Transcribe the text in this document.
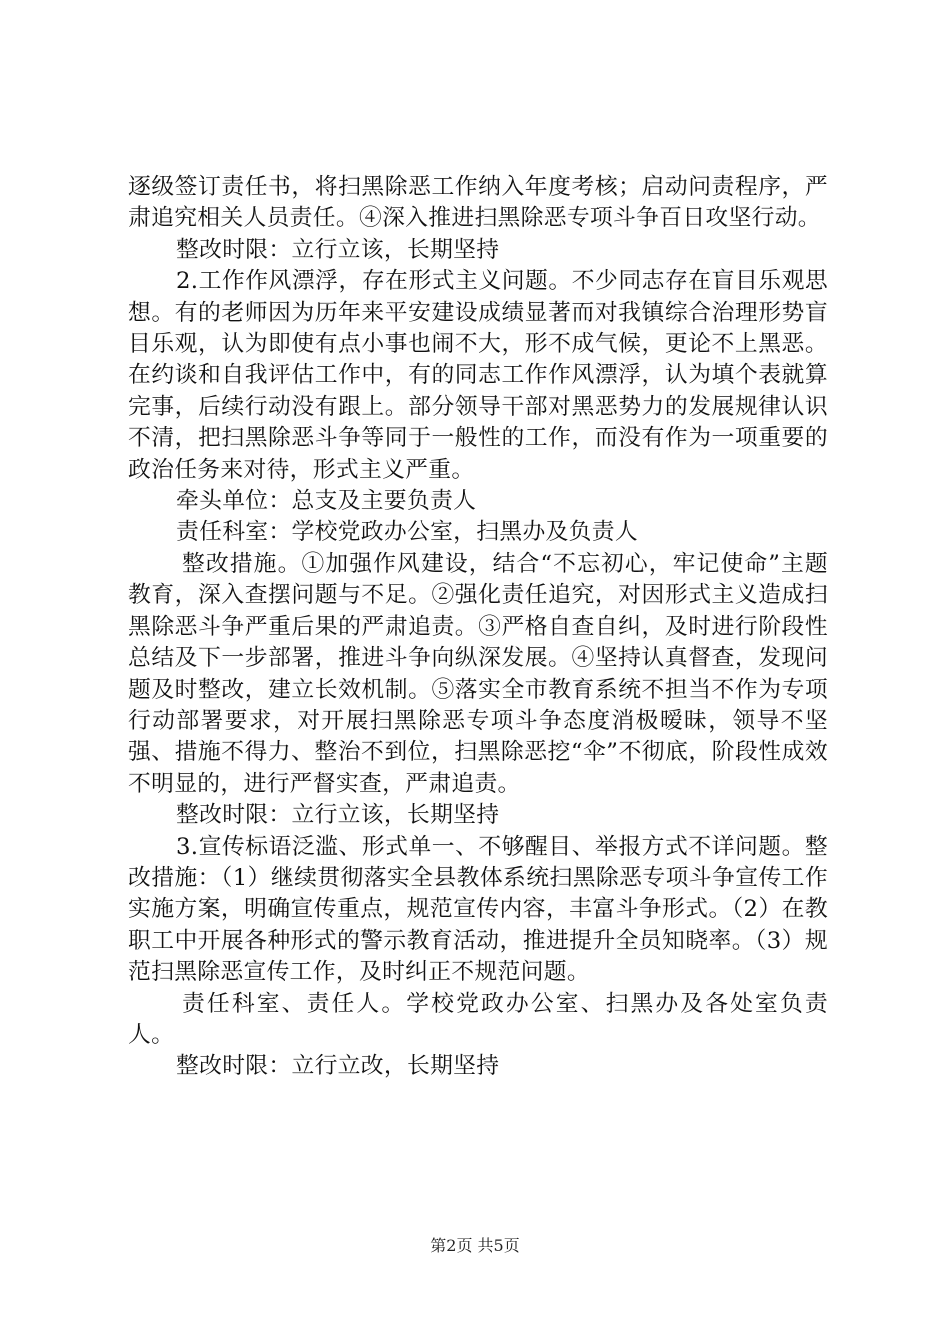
逐级签订责任书，将扫黑除恶工作纳入年度考核；启动问责程序，严肃追究相关人员责任。④深入推进扫黑除恶专项斗争百日攻坚行动。

整改时限：立行立该，长期坚持

2.工作作风漂浮，存在形式主义问题。不少同志存在盲目乐观思想。有的老师因为历年来平安建设成绩显著而对我镇综合治理形势盲目乐观，认为即使有点小事也闹不大，形不成气候，更论不上黑恶。在约谈和自我评估工作中，有的同志工作作风漂浮，认为填个表就算完事，后续行动没有跟上。部分领导干部对黑恶势力的发展规律认识不清，把扫黑除恶斗争等同于一般性的工作，而没有作为一项重要的政治任务来对待，形式主义严重。

牵头单位：总支及主要负责人

责任科室：学校党政办公室，扫黑办及负责人

整改措施。①加强作风建设，结合“不忘初心，牢记使命”主题教育，深入查摆问题与不足。②强化责任追究，对因形式主义造成扫黑除恶斗争严重后果的严肃追责。③严格自查自纠，及时进行阶段性总结及下一步部署，推进斗争向纵深发展。④坚持认真督查，发现问题及时整改，建立长效机制。⑤落实全市教育系统不担当不作为专项行动部署要求，对开展扫黑除恶专项斗争态度消极暧昧，领导不坚强、措施不得力、整治不到位，扫黑除恶挖“伞”不彻底，阶段性成效不明显的，进行严督实查，严肃追责。

整改时限：立行立该，长期坚持

3.宣传标语泛滥、形式单一、不够醒目、举报方式不详问题。整改措施：（1）继续贯彻落实全县教体系统扫黑除恶专项斗争宣传工作实施方案，明确宣传重点，规范宣传内容，丰富斗争形式。（2）在教职工中开展各种形式的警示教育活动，推进提升全员知晓率。（3）规范扫黑除恶宣传工作，及时纠正不规范问题。

责任科室、责任人。学校党政办公室、扫黑办及各处室负责人。

整改时限：立行立改，长期坚持

第2页 共5页
